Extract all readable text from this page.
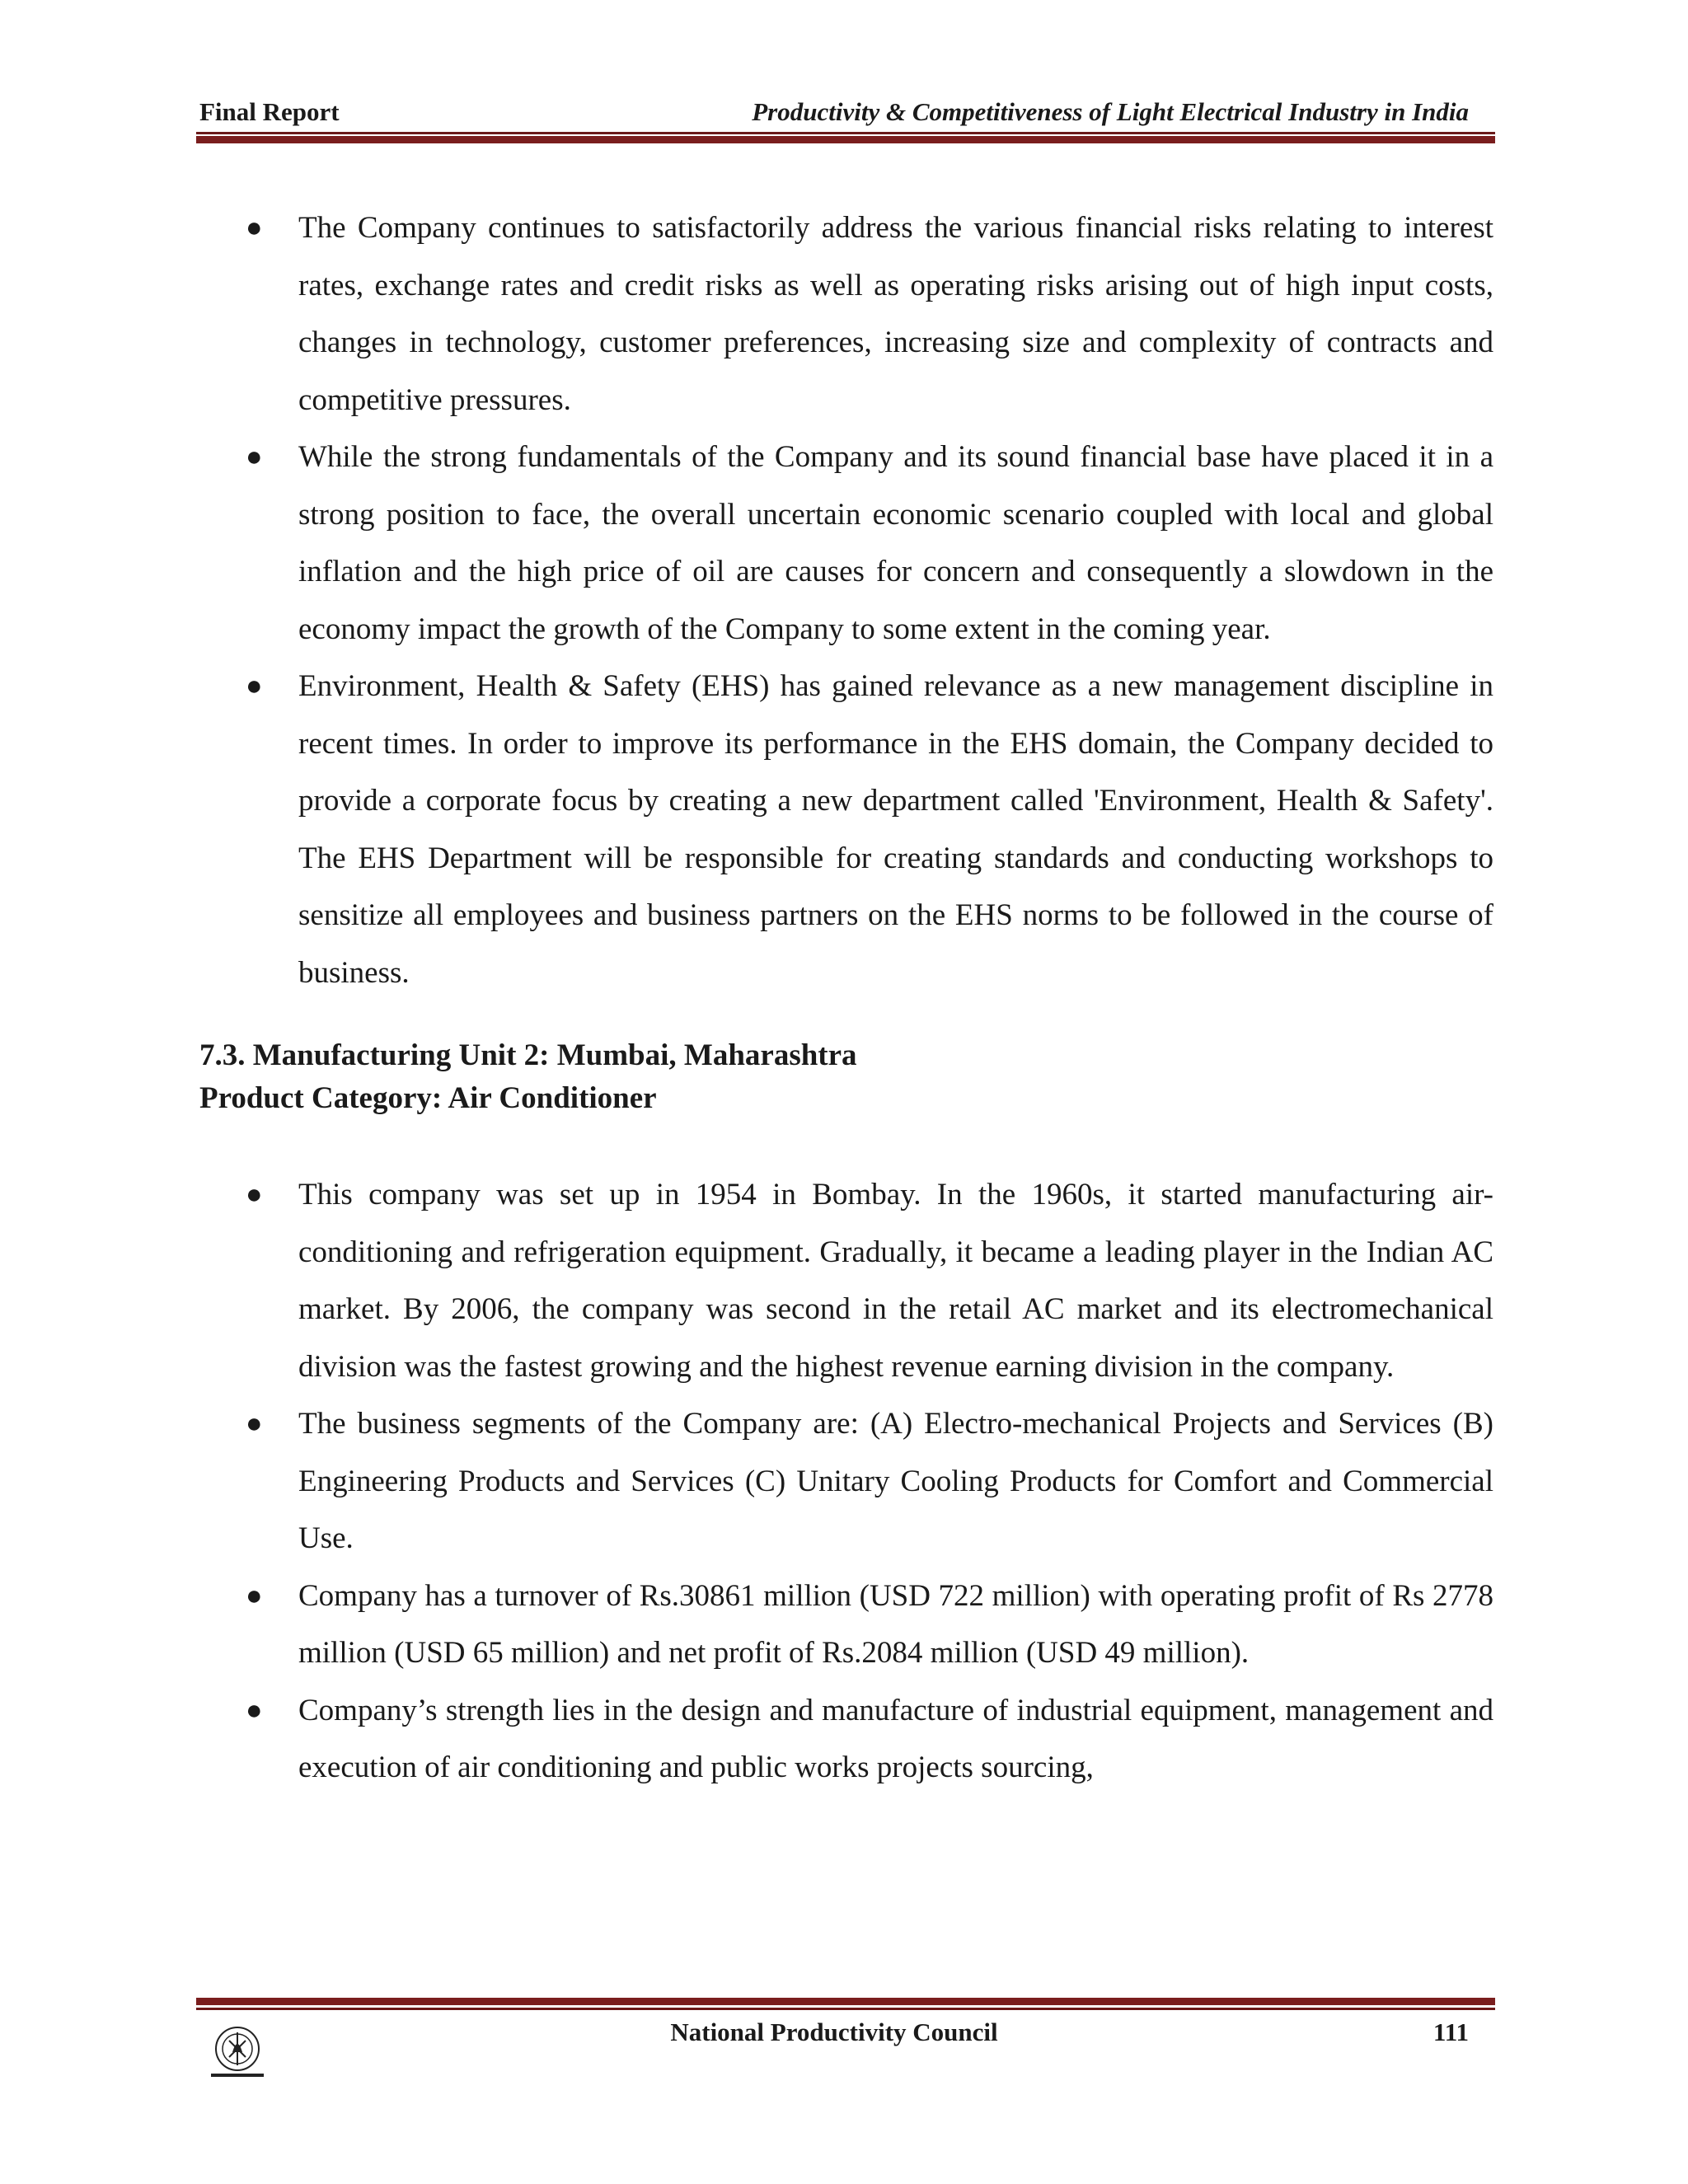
Final Report	Productivity & Competitiveness of Light Electrical Industry in India
● The Company continues to satisfactorily address the various financial risks relating to interest rates, exchange rates and credit risks as well as operating risks arising out of high input costs, changes in technology, customer preferences, increasing size and complexity of contracts and competitive pressures.
● While the strong fundamentals of the Company and its sound financial base have placed it in a strong position to face, the overall uncertain economic scenario coupled with local and global inflation and the high price of oil are causes for concern and consequently a slowdown in the economy impact the growth of the Company to some extent in the coming year.
● Environment, Health & Safety (EHS) has gained relevance as a new management discipline in recent times. In order to improve its performance in the EHS domain, the Company decided to provide a corporate focus by creating a new department called 'Environment, Health & Safety'. The EHS Department will be responsible for creating standards and conducting workshops to sensitize all employees and business partners on the EHS norms to be followed in the course of business.
7.3. Manufacturing Unit 2: Mumbai, Maharashtra
Product Category: Air Conditioner
● This company was set up in 1954 in Bombay. In the 1960s, it started manufacturing air-conditioning and refrigeration equipment. Gradually, it became a leading player in the Indian AC market. By 2006, the company was second in the retail AC market and its electromechanical division was the fastest growing and the highest revenue earning division in the company.
● The business segments of the Company are: (A) Electro-mechanical Projects and Services (B) Engineering Products and Services (C) Unitary Cooling Products for Comfort and Commercial Use.
● Company has a turnover of Rs.30861 million (USD 722 million) with operating profit of Rs 2778 million (USD 65 million) and net profit of Rs.2084 million (USD 49 million).
● Company’s strength lies in the design and manufacture of industrial equipment, management and execution of air conditioning and public works projects sourcing,
National Productivity Council	111
